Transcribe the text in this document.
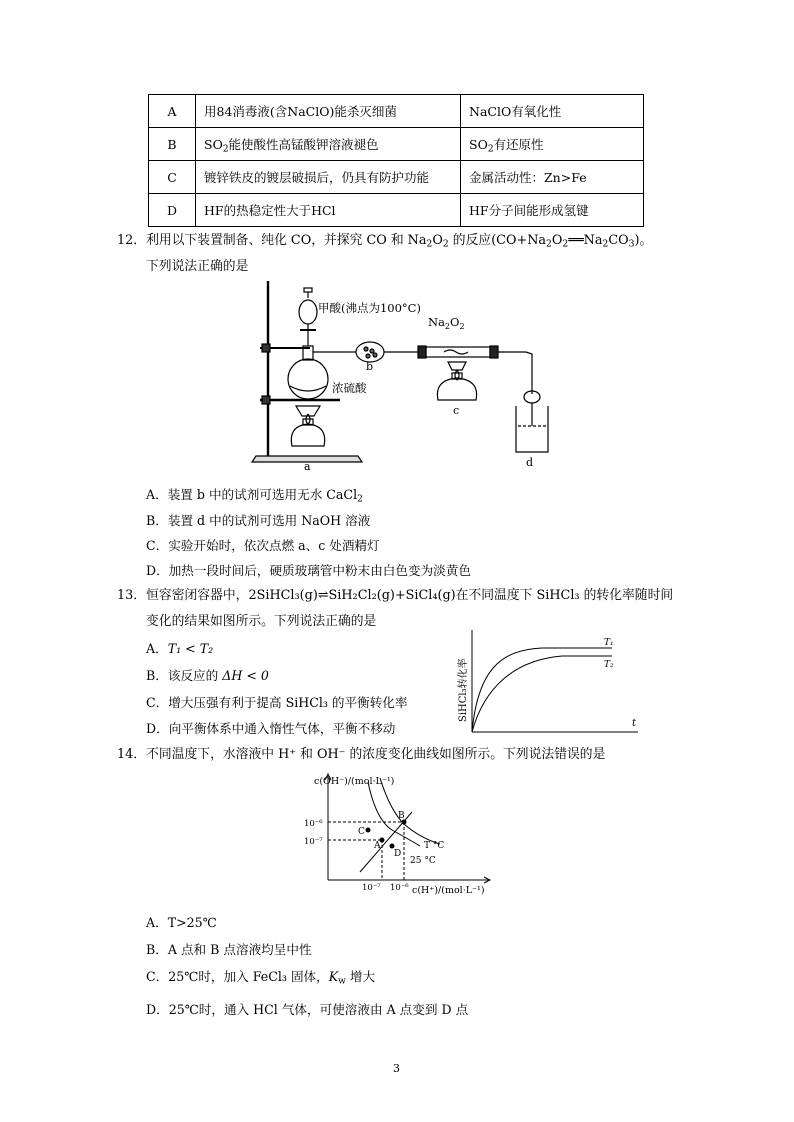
A	用84消毒液(含NaClO)能杀灭细菌	NaClO有氧化性
B	$SO_2$能使酸性高锰酸钾溶液褪色	$SO_2$有还原性
C	镀锌铁皮的镀层破损后，仍具有防护功能	金属活动性：Zn>Fe
D	HF的热稳定性大于HCl	HF分子间能形成氢键
12．利用以下装置制备、纯化 CO，并探究 CO 和 $Na_2O_2$ 的反应$(CO+Na_2O_2══Na_2CO_3)$。
下列说法正确的是
甲酸(沸点为100°C)
$Na_2O_2$
浓硫酸
a
b
c
d
A．装置 b 中的试剂可选用无水 CaCl$_2$
B．装置 d 中的试剂可选用 NaOH 溶液
C．实验开始时，依次点燃 a、c 处酒精灯
D．加热一段时间后，硬质玻璃管中粉末由白色变为淡黄色
13．恒容密闭容器中，2SiHCl₃(g)⇌SiH₂Cl₂(g)+SiCl₄(g)在不同温度下 SiHCl₃ 的转化率随时间
变化的结果如图所示。下列说法正确的是
A．T₁ < T₂
B．该反应的 ΔH < 0
C．增大压强有利于提高 SiHCl₃ 的平衡转化率
D．向平衡体系中通入惰性气体，平衡不移动
SiHCl₃转化率
t
T₁
T₂
14．不同温度下，水溶液中 H⁺ 和 OH⁻ 的浓度变化曲线如图所示。下列说法错误的是
c(OH⁻)/(mol·L⁻¹)
c(H⁺)/(mol·L⁻¹)
10⁻⁶
10⁻⁷
10⁻⁷ 10⁻⁶
T °C
25 °C
A
B
C
D
A．T>25℃
B．A 点和 B 点溶液均呈中性
C．25℃时，加入 FeCl₃ 固体，$K_w$ 增大
D．25℃时，通入 HCl 气体，可使溶液由 A 点变到 D 点
3
